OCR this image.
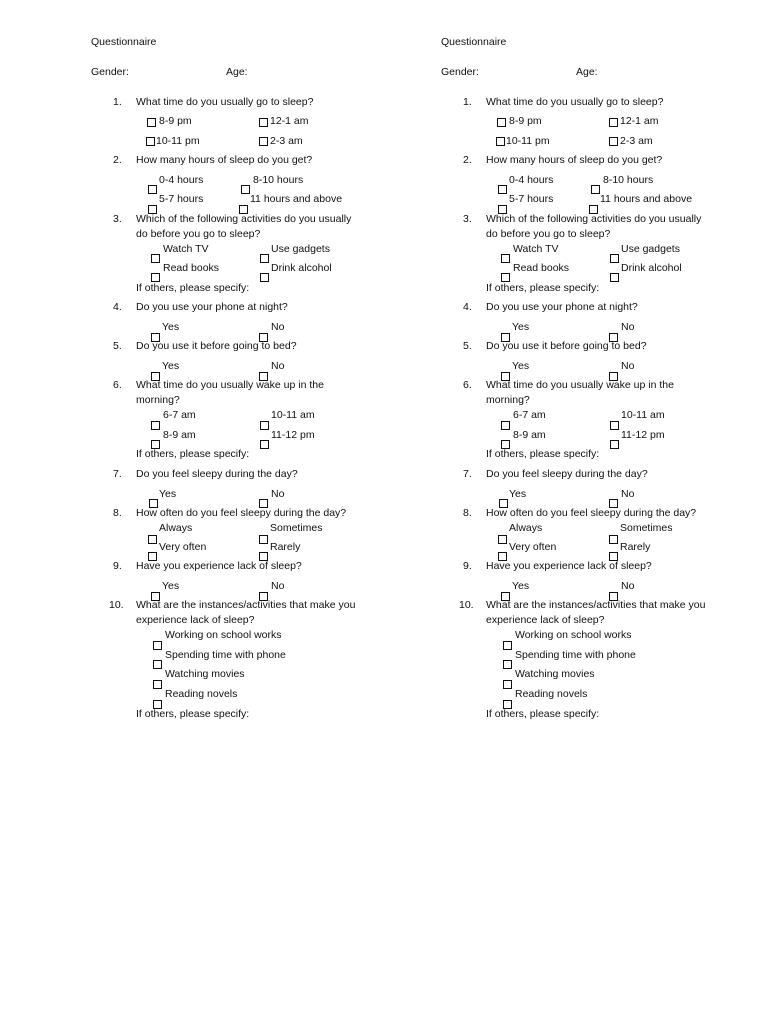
Questionnaire
Gender:	Age:
1. What time do you usually go to sleep?
8-9 pm	12-1 am
10-11 pm	2-3 am
2. How many hours of sleep do you get?
0-4 hours	8-10 hours
5-7 hours	11 hours and above
3. Which of the following activities do you usually
do before you go to sleep?
Watch TV	Use gadgets
Read books	Drink alcohol
If others, please specify:
4. Do you use your phone at night?
Yes	No
5. Do you use it before going to bed?
Yes	No
6. What time do you usually wake up in the
morning?
6-7 am	10-11 am
8-9 am	11-12 pm
If others, please specify:
7. Do you feel sleepy during the day?
Yes	No
8. How often do you feel sleepy during the day?
Always	Sometimes
Very often	Rarely
9. Have you experience lack of sleep?
Yes	No
10. What are the instances/activities that make you
experience lack of sleep?
Working on school works
Spending time with phone
Watching movies
Reading novels
If others, please specify:
Questionnaire
Gender:	Age:
1. What time do you usually go to sleep?
8-9 pm	12-1 am
10-11 pm	2-3 am
2. How many hours of sleep do you get?
0-4 hours	8-10 hours
5-7 hours	11 hours and above
3. Which of the following activities do you usually
do before you go to sleep?
Watch TV	Use gadgets
Read books	Drink alcohol
If others, please specify:
4. Do you use your phone at night?
Yes	No
5. Do you use it before going to bed?
Yes	No
6. What time do you usually wake up in the
morning?
6-7 am	10-11 am
8-9 am	11-12 pm
If others, please specify:
7. Do you feel sleepy during the day?
Yes	No
8. How often do you feel sleepy during the day?
Always	Sometimes
Very often	Rarely
9. Have you experience lack of sleep?
Yes	No
10. What are the instances/activities that make you
experience lack of sleep?
Working on school works
Spending time with phone
Watching movies
Reading novels
If others, please specify:
